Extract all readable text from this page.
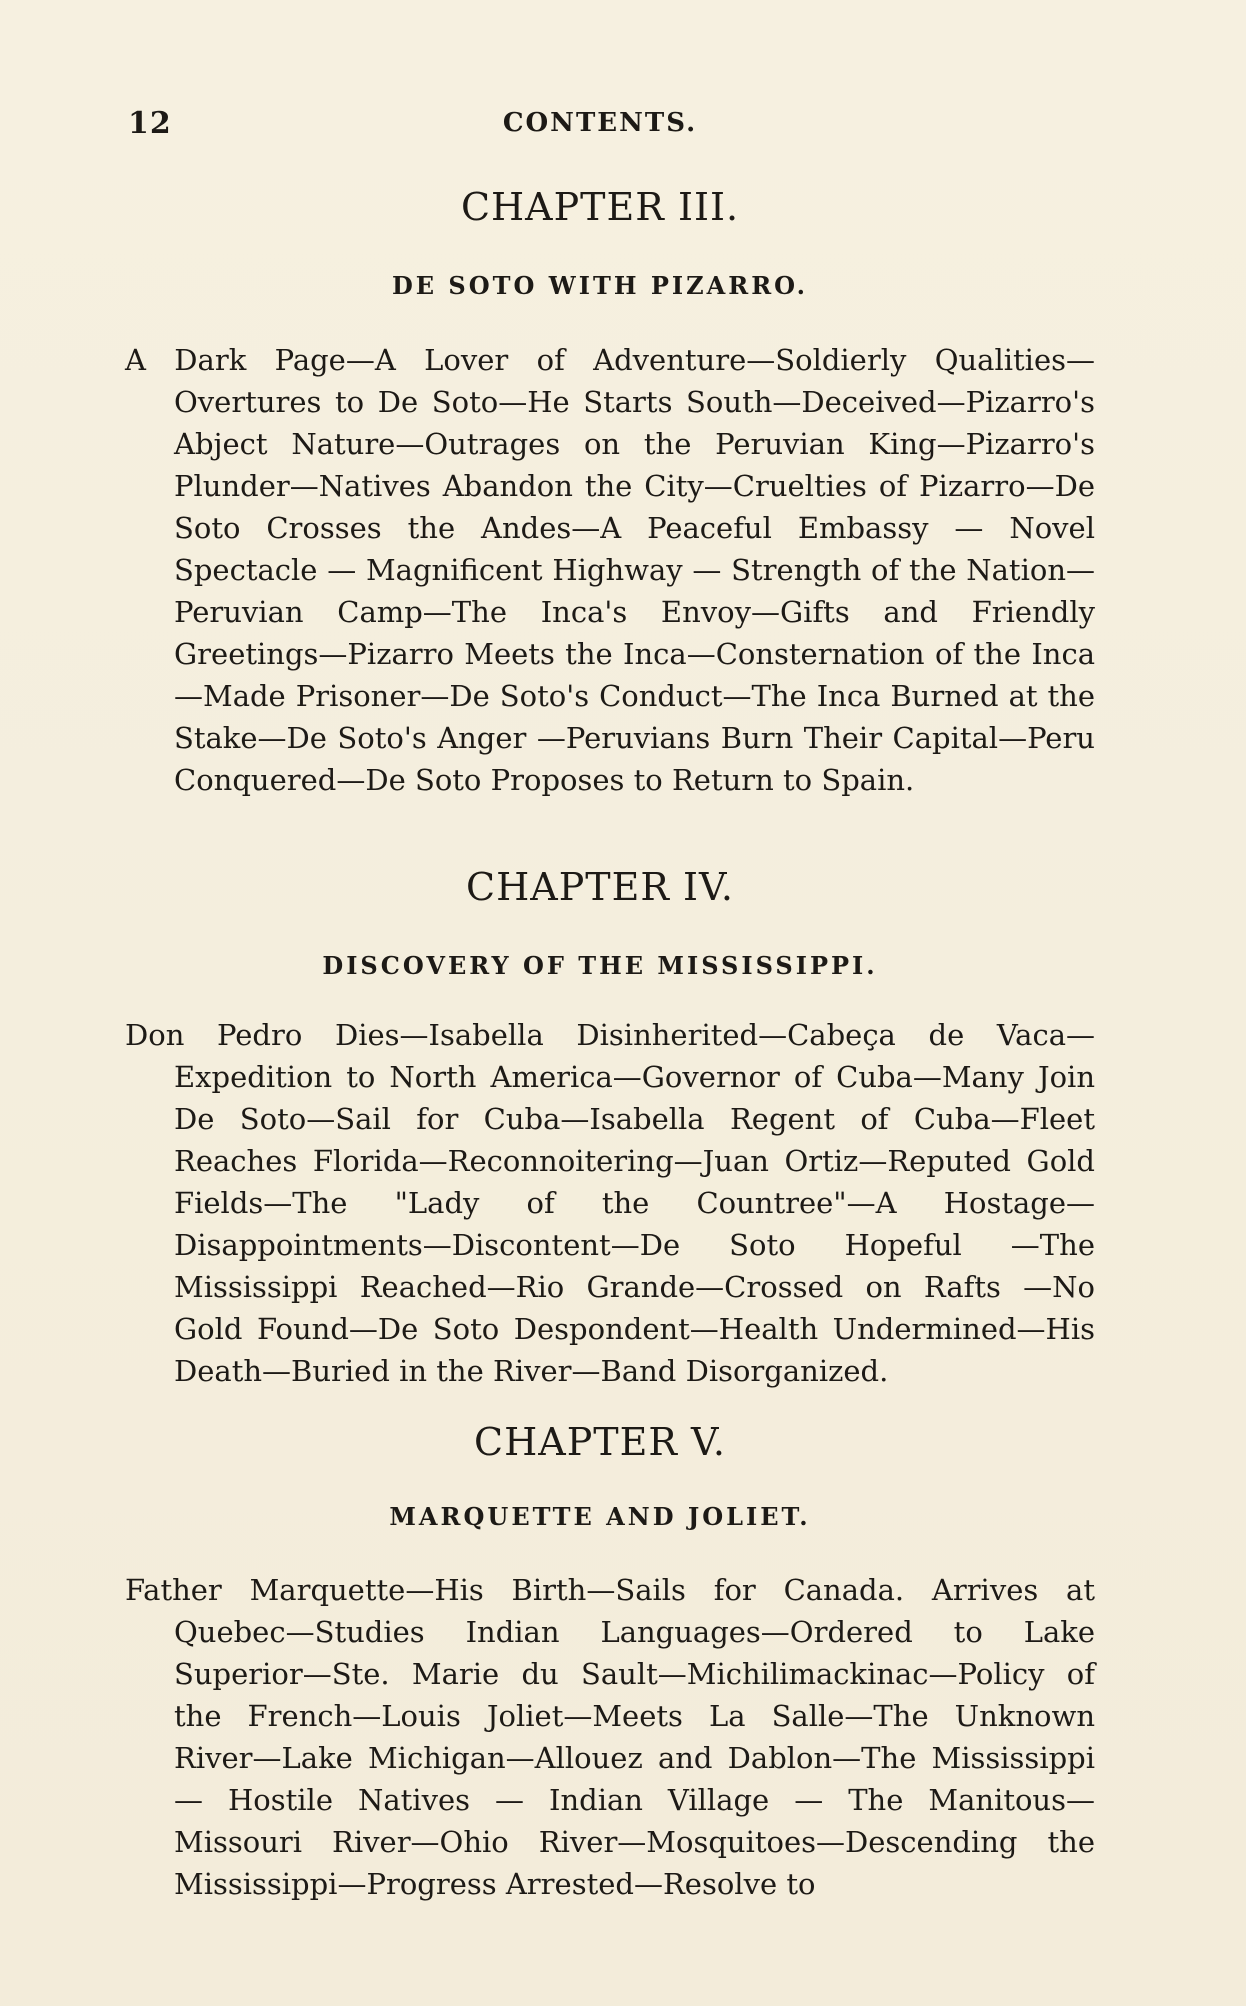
12	CONTENTS.
CHAPTER III.
DE SOTO WITH PIZARRO.

A Dark Page—A Lover of Adventure—Soldierly Qualities—Overtures to De Soto—He Starts South—Deceived—Pizarro's Abject Nature—Outrages on the Peruvian King—Pizarro's Plunder—Natives Abandon the City—Cruelties of Pizarro—De Soto Crosses the Andes—A Peaceful Embassy — Novel Spectacle — Magnificent Highway — Strength of the Nation—Peruvian Camp—The Inca's Envoy—Gifts and Friendly Greetings—Pizarro Meets the Inca—Consternation of the Inca—Made Prisoner—De Soto's Conduct—The Inca Burned at the Stake—De Soto's Anger —Peruvians Burn Their Capital—Peru Conquered—De Soto Proposes to Return to Spain.

CHAPTER IV.
DISCOVERY OF THE MISSISSIPPI.

Don Pedro Dies—Isabella Disinherited—Cabeça de Vaca—Expedition to North America—Governor of Cuba—Many Join De Soto—Sail for Cuba—Isabella Regent of Cuba—Fleet Reaches Florida—Reconnoitering—Juan Ortiz—Reputed Gold Fields—The "Lady of the Countree"—A Hostage—Disappointments—Discontent—De Soto Hopeful —The Mississippi Reached—Rio Grande—Crossed on Rafts —No Gold Found—De Soto Despondent—Health Undermined—His Death—Buried in the River—Band Disorganized.

CHAPTER V.
MARQUETTE AND JOLIET.

Father Marquette—His Birth—Sails for Canada. Arrives at Quebec—Studies Indian Languages—Ordered to Lake Superior—Ste. Marie du Sault—Michilimackinac—Policy of the French—Louis Joliet—Meets La Salle—The Unknown River—Lake Michigan—Allouez and Dablon—The Mississippi — Hostile Natives — Indian Village — The Manitous—Missouri River—Ohio River—Mosquitoes—Descending the Mississippi—Progress Arrested—Resolve to
